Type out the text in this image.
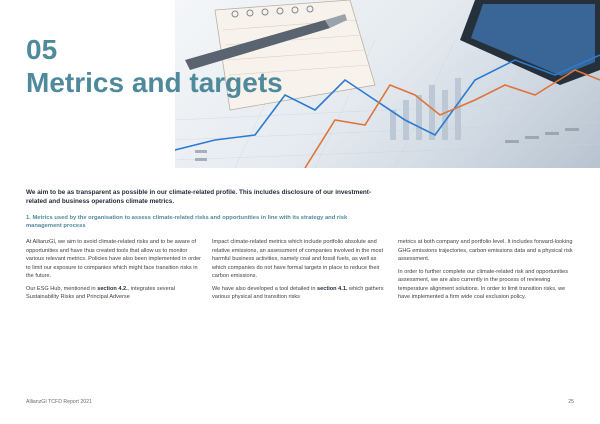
05
Metrics and targets
We aim to be as transparent as possible in our climate-related profile. This includes disclosure of our investment-related and business operations climate metrics.
1. Metrics used by the organisation to assess climate-related risks and opportunities in line with its strategy and risk management process

At AllianzGI, we aim to avoid climate-related risks and to be aware of opportunities and have thus created tools that allow us to monitor various relevant metrics. Policies have also been implemented in order to limit our exposure to companies which might face transition risks in the future.

Our ESG Hub, mentioned in section 4.2., integrates several Sustainability Risks and Principal Adverse

Impact climate-related metrics which include portfolio absolute and relative emissions, an assessment of companies involved in the most harmful business activities, namely coal and fossil fuels, as well as which companies do not have formal targets in place to reduce their carbon emissions.

We have also developed a tool detailed in section 4.1. which gathers various physical and transition risks

metrics at both company and portfolio level. It includes forward-looking GHG emissions trajectories, carbon emissions data and a physical risk assessment.

In order to further complete our climate-related risk and opportunities assessment, we are also currently in the process of reviewing temperature alignment solutions. In order to limit transition risks, we have implemented a firm wide coal exclusion policy.

AllianzGI TCFD Report 2021	25
